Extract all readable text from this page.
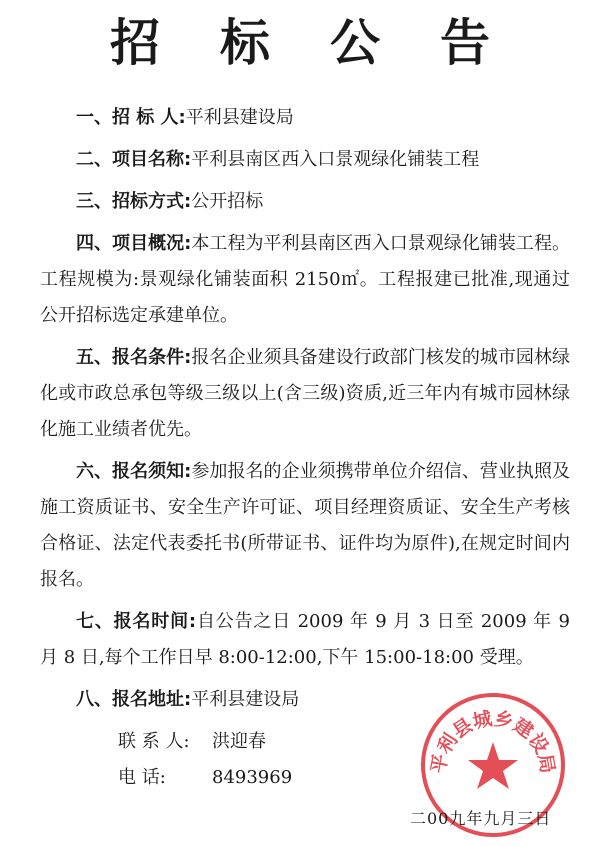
招 标 公 告

一、招 标 人:平利县建设局

二、项目名称:平利县南区西入口景观绿化铺装工程

三、招标方式:公开招标

四、项目概况:本工程为平利县南区西入口景观绿化铺装工程。工程规模为:景观绿化铺装面积 2150㎡。工程报建已批准,现通过公开招标选定承建单位。

五、报名条件:报名企业须具备建设行政部门核发的城市园林绿化或市政总承包等级三级以上(含三级)资质,近三年内有城市园林绿化施工业绩者优先。

六、报名须知:参加报名的企业须携带单位介绍信、营业执照及施工资质证书、安全生产许可证、项目经理资质证、安全生产考核合格证、法定代表委托书(所带证书、证件均为原件),在规定时间内报名。

七、报名时间:自公告之日 2009 年 9 月 3 日至 2009 年 9 月 8 日,每个工作日早 8:00-12:00,下午 15:00-18:00 受理。

八、报名地址:平利县建设局

联 系 人: 洪迎春

电 话:	8493969

平利县城乡建设局
二00九年九月三日
